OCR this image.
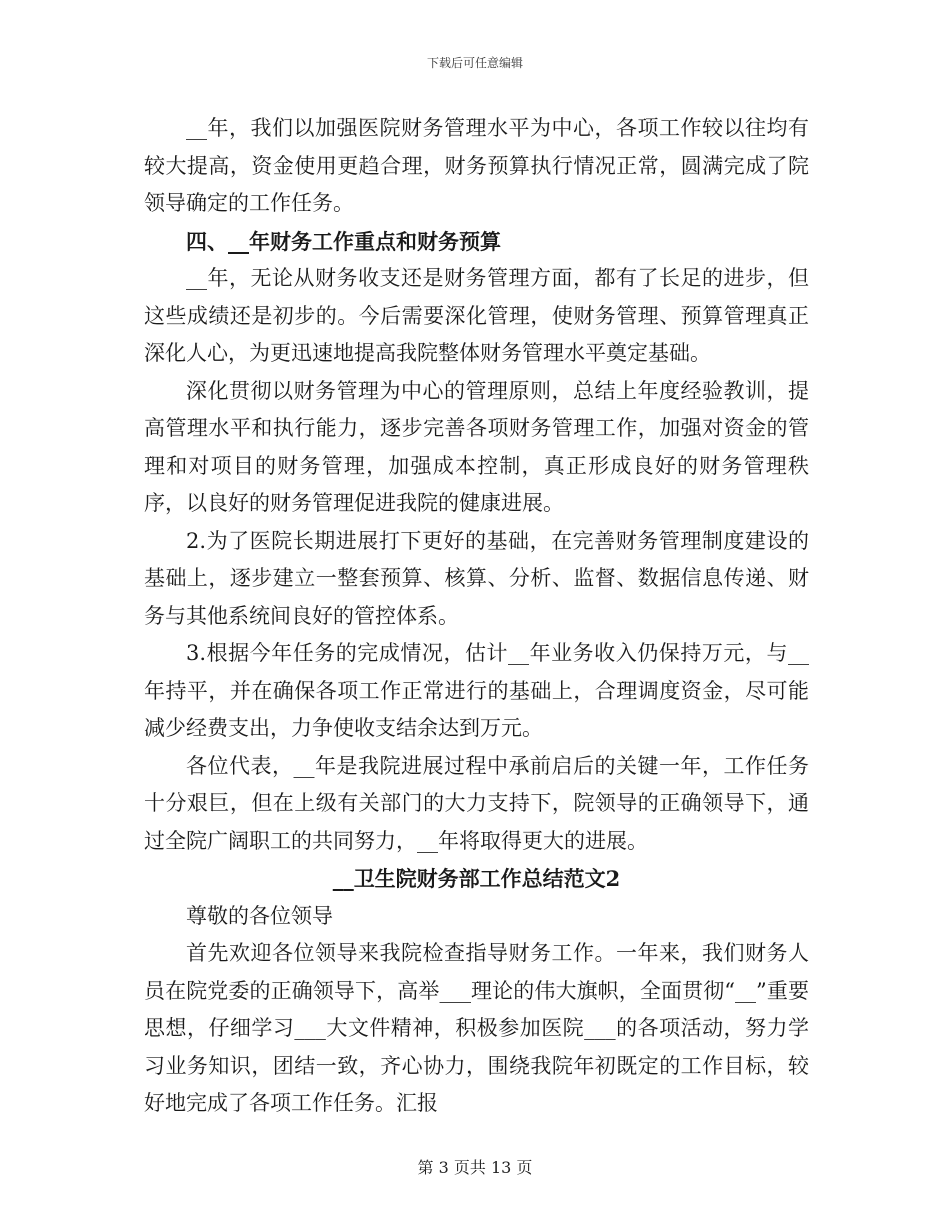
下载后可任意编辑

__年，我们以加强医院财务管理水平为中心，各项工作较以往均有较大提高，资金使用更趋合理，财务预算执行情况正常，圆满完成了院领导确定的工作任务。

四、__年财务工作重点和财务预算

__年，无论从财务收支还是财务管理方面，都有了长足的进步，但这些成绩还是初步的。今后需要深化管理，使财务管理、预算管理真正深化人心，为更迅速地提高我院整体财务管理水平奠定基础。

深化贯彻以财务管理为中心的管理原则，总结上年度经验教训，提高管理水平和执行能力，逐步完善各项财务管理工作，加强对资金的管理和对项目的财务管理，加强成本控制，真正形成良好的财务管理秩序，以良好的财务管理促进我院的健康进展。

2.为了医院长期进展打下更好的基础，在完善财务管理制度建设的基础上，逐步建立一整套预算、核算、分析、监督、数据信息传递、财务与其他系统间良好的管控体系。

3.根据今年任务的完成情况，估计__年业务收入仍保持万元，与__年持平，并在确保各项工作正常进行的基础上，合理调度资金，尽可能减少经费支出，力争使收支结余达到万元。

各位代表，__年是我院进展过程中承前启后的关键一年，工作任务十分艰巨，但在上级有关部门的大力支持下，院领导的正确领导下，通过全院广阔职工的共同努力，__年将取得更大的进展。

__卫生院财务部工作总结范文2

尊敬的各位领导

首先欢迎各位领导来我院检查指导财务工作。一年来，我们财务人员在院党委的正确领导下，高举___理论的伟大旗帜，全面贯彻“__”重要思想，仔细学习___大文件精神，积极参加医院___的各项活动，努力学习业务知识，团结一致，齐心协力，围绕我院年初既定的工作目标，较好地完成了各项工作任务。汇报

第 3 页共 13 页
